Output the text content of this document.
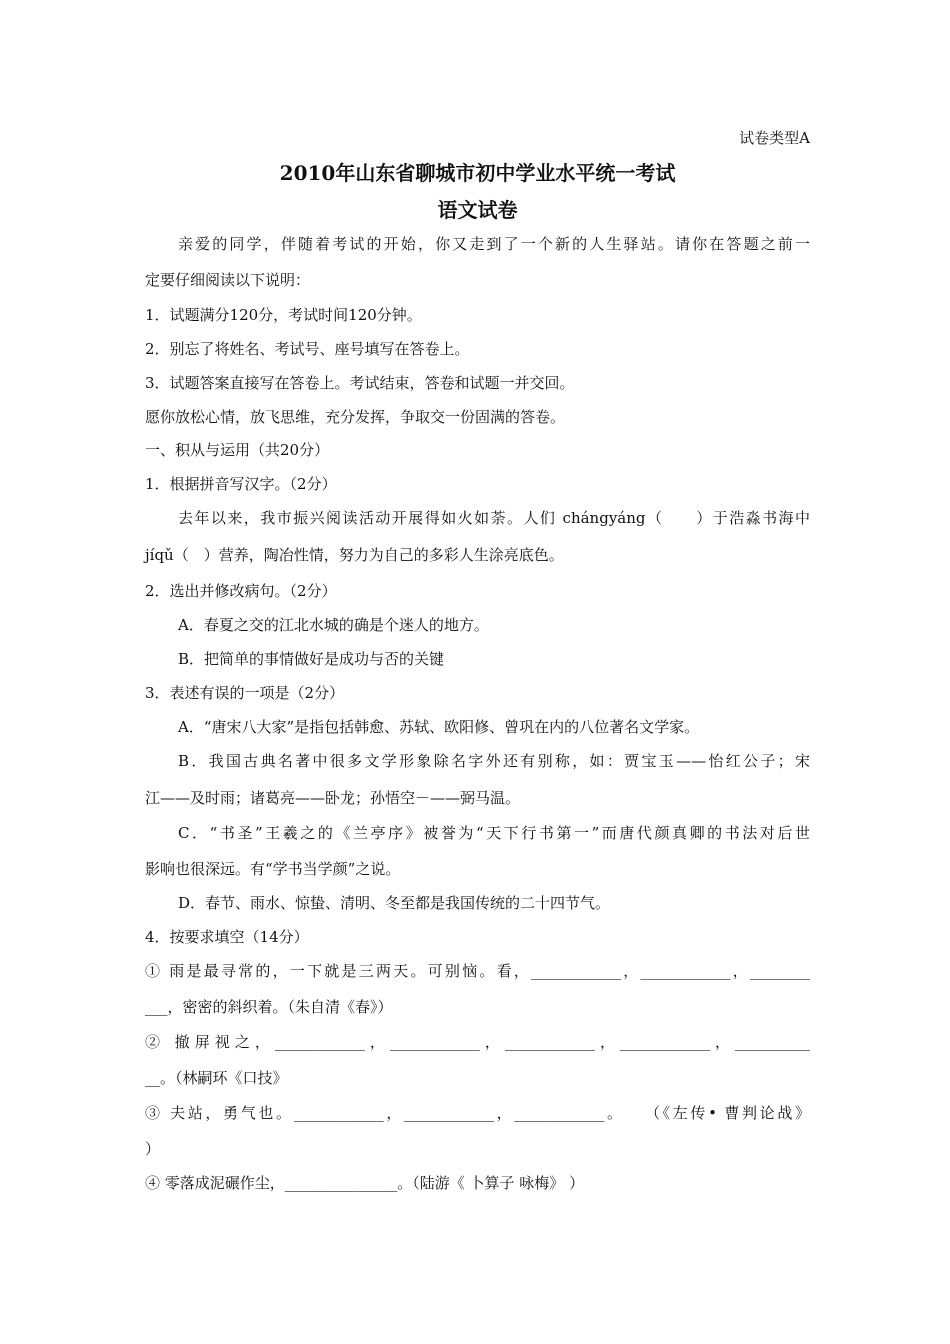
试卷类型A
2010年山东省聊城市初中学业水平统一考试
语文试卷
亲爱的同学，伴随着考试的开始，你又走到了一个新的人生驿站。请你在答题之前一
定要仔细阅读以下说明：
1．试题满分120分，考试时间120分钟。
2．别忘了将姓名、考试号、座号填写在答卷上。
3．试题答案直接写在答卷上。考试结束，答卷和试题一并交回。
愿你放松心情，放飞思维，充分发挥，争取交一份固满的答卷。
一、积从与运用（共20分）
1．根据拼音写汉字。（2分）
去年以来，我市振兴阅读活动开展得如火如荼。人们 chángyáng（　　）于浩淼书海中
jíqǔ（　）营养，陶冶性情，努力为自己的多彩人生涂亮底色。
2．选出并修改病句。（2分）
A．春夏之交的江北水城的确是个迷人的地方。
B．把简单的事情做好是成功与否的关键
3．表述有误的一项是（2分）
A．“唐宋八大家”是指包括韩愈、苏轼、欧阳修、曾巩在内的八位著名文学家。
B．我国古典名著中很多文学形象除名字外还有别称，如：贾宝玉——怡红公子；宋
江——及时雨；诸葛亮——卧龙；孙悟空－——弼马温。
C．“书圣”王羲之的《兰亭序》被誉为“天下行书第一”而唐代颜真卿的书法对后世
影响也很深远。有“学书当学颜”之说。
D．春节、雨水、惊蛰、清明、冬至都是我国传统的二十四节气。
4．按要求填空（14分）
① 雨是最寻常的，一下就是三两天。可别恼。看，____________，____________，________
___，密密的斜织着。（朱自清《春》）
② 撤屏视之，____________，____________，____________，____________，__________
__。（林嗣环《口技》
③ 夫站，勇气也。____________，____________，____________。　　（《左传• 曹判论战》
）
④ 零落成泥碾作尘，_______________。（陆游《 卜算子 咏梅》 ）
